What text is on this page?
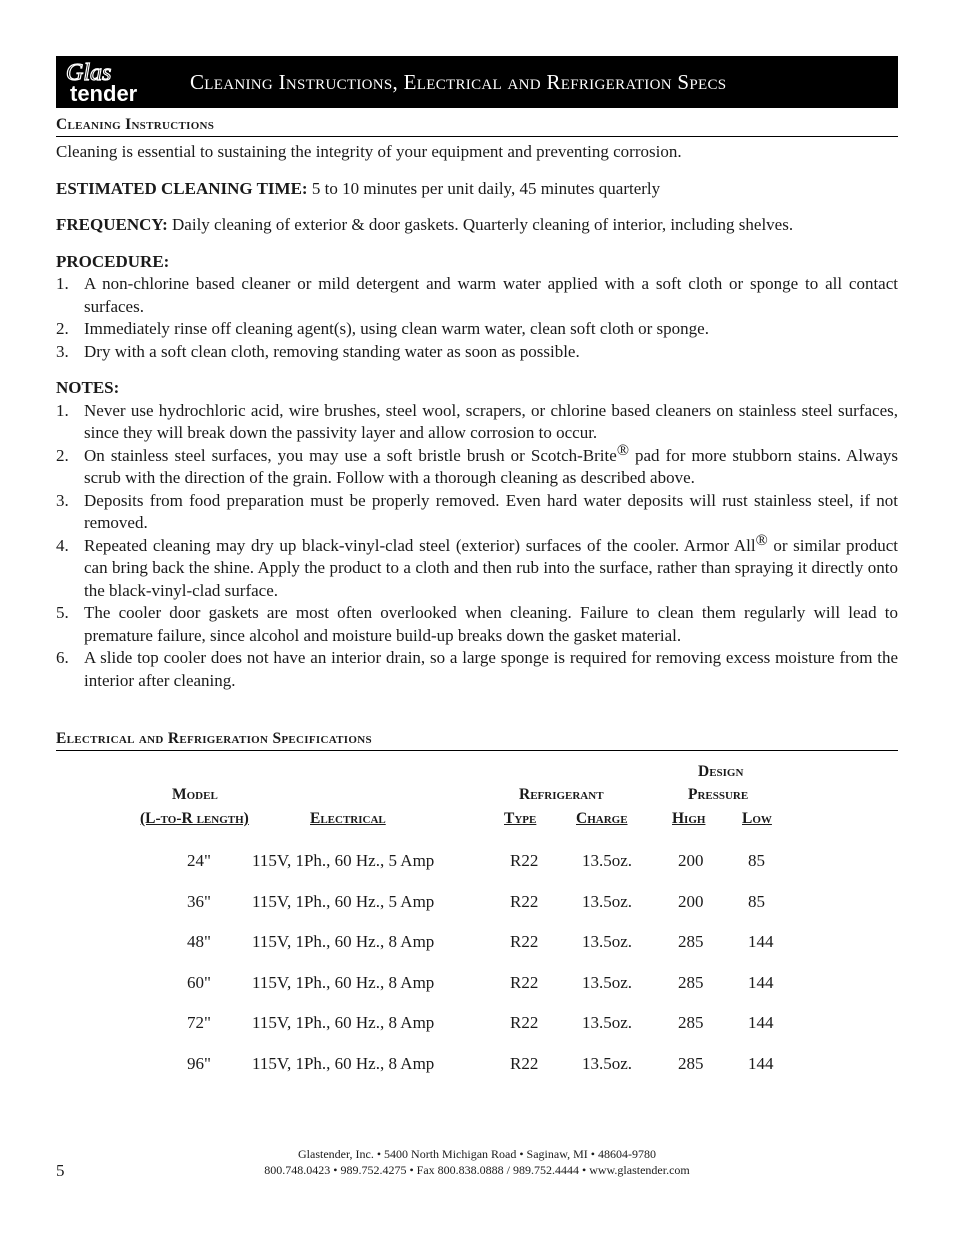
Glas
tender	Cleaning Instructions, Electrical and Refrigeration Specs
Cleaning Instructions

Cleaning is essential to sustaining the integrity of your equipment and preventing corrosion.

ESTIMATED CLEANING TIME: 5 to 10 minutes per unit daily, 45 minutes quarterly

FREQUENCY: Daily cleaning of exterior & door gaskets. Quarterly cleaning of interior, including shelves.

PROCEDURE:

1. A non-chlorine based cleaner or mild detergent and warm water applied with a soft cloth or sponge to all contact surfaces.
2. Immediately rinse off cleaning agent(s), using clean warm water, clean soft cloth or sponge.
3. Dry with a soft clean cloth, removing standing water as soon as possible.

NOTES:

1. Never use hydrochloric acid, wire brushes, steel wool, scrapers, or chlorine based cleaners on stainless steel surfaces, since they will break down the passivity layer and allow corrosion to occur.
2. On stainless steel surfaces, you may use a soft bristle brush or Scotch-Brite® pad for more stubborn stains. Always scrub with the direction of the grain. Follow with a thorough cleaning as described above.
3. Deposits from food preparation must be properly removed. Even hard water deposits will rust stainless steel, if not removed.
4. Repeated cleaning may dry up black-vinyl-clad steel (exterior) surfaces of the cooler. Armor All® or similar product can bring back the shine. Apply the product to a cloth and then rub into the surface, rather than spraying it directly onto the black-vinyl-clad surface.
5. The cooler door gaskets are most often overlooked when cleaning. Failure to clean them regularly will lead to premature failure, since alcohol and moisture build-up breaks down the gasket material.
6. A slide top cooler does not have an interior drain, so a large sponge is required for removing excess moisture from the interior after cleaning.
Electrical and Refrigeration Specifications
Design
Pressure
Model	Refrigerant
(L-to-R length)	Electrical	Type	Charge	High Low
24" 115V, 1Ph., 60 Hz., 5 Amp	R22	13.5oz.	200	85
36" 115V, 1Ph., 60 Hz., 5 Amp	R22	13.5oz.	200	85
48" 115V, 1Ph., 60 Hz., 8 Amp	R22	13.5oz.	285	144
60" 115V, 1Ph., 60 Hz., 8 Amp	R22	13.5oz.	285	144
72" 115V, 1Ph., 60 Hz., 8 Amp	R22	13.5oz.	285	144
96" 115V, 1Ph., 60 Hz., 8 Amp	R22	13.5oz.	285	144
Glastender, Inc. • 5400 North Michigan Road • Saginaw, MI • 48604-9780
800.748.0423 • 989.752.4275 • Fax 800.838.0888 / 989.752.4444 • www.glastender.com
5
